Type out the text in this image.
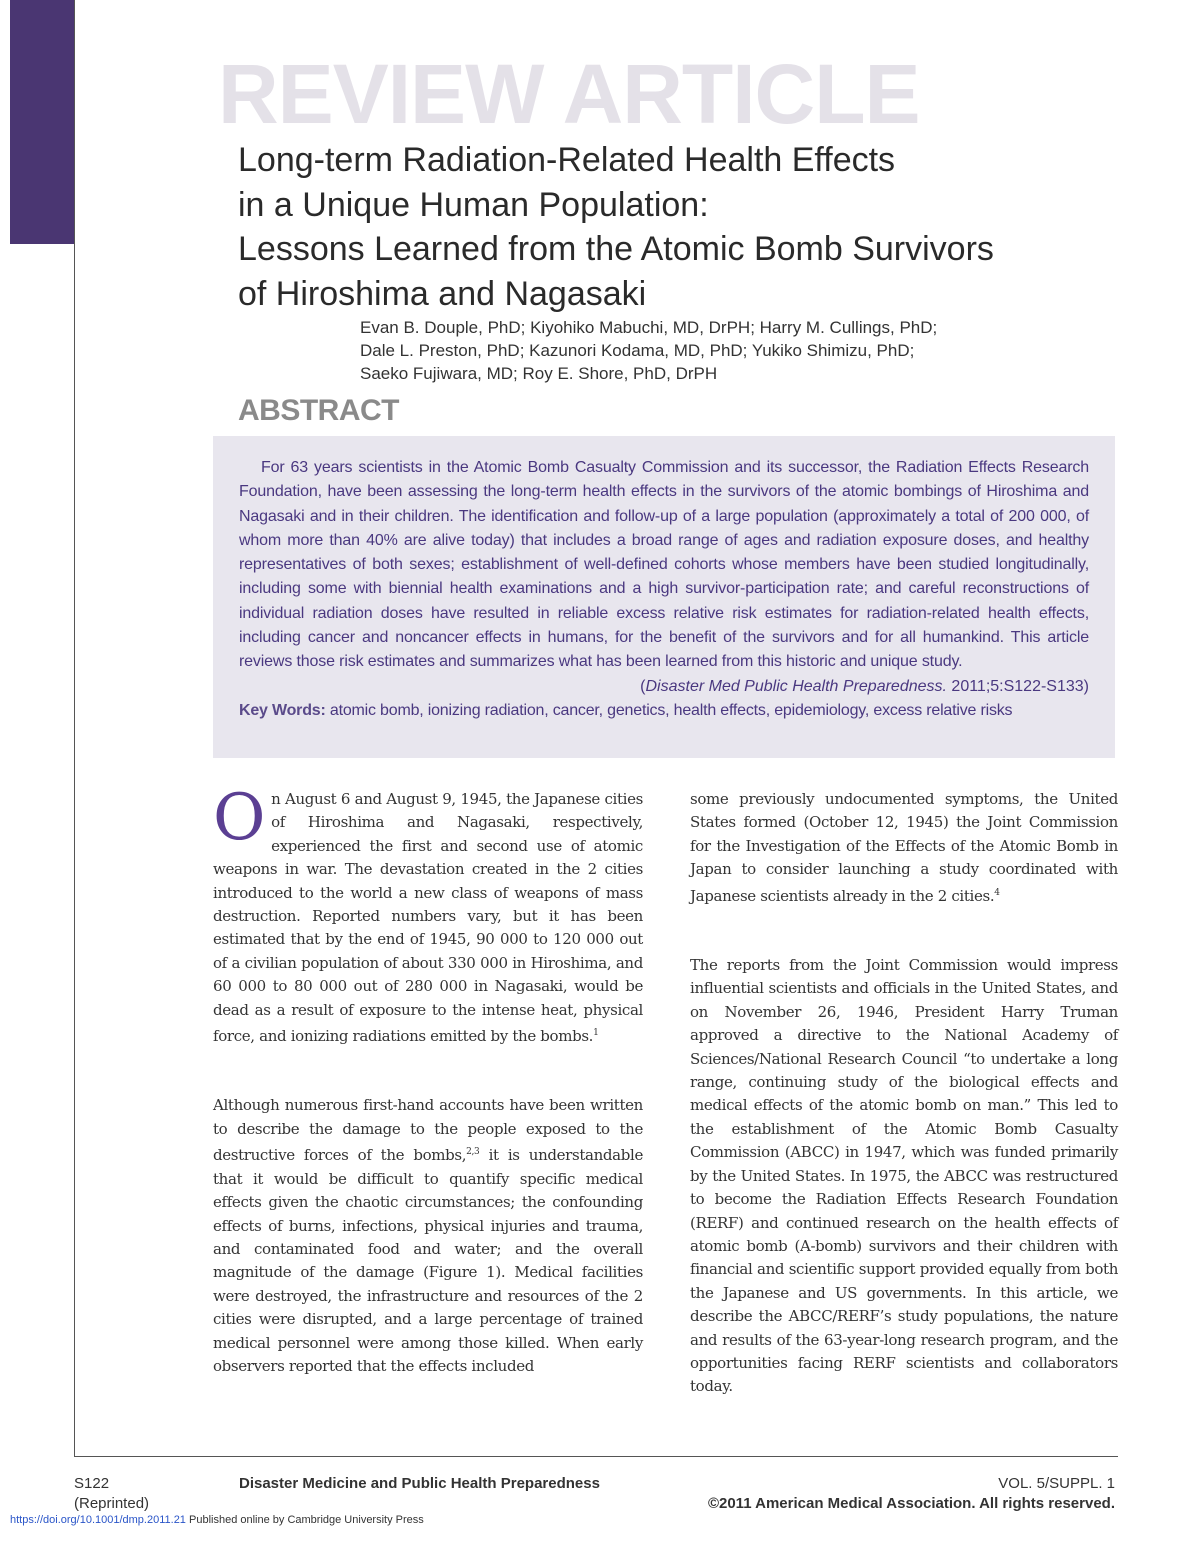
REVIEW ARTICLE
Long-term Radiation-Related Health Effects
in a Unique Human Population:
Lessons Learned from the Atomic Bomb Survivors
of Hiroshima and Nagasaki
Evan B. Douple, PhD; Kiyohiko Mabuchi, MD, DrPH; Harry M. Cullings, PhD;
Dale L. Preston, PhD; Kazunori Kodama, MD, PhD; Yukiko Shimizu, PhD;
Saeko Fujiwara, MD; Roy E. Shore, PhD, DrPH
ABSTRACT

For 63 years scientists in the Atomic Bomb Casualty Commission and its successor, the Radiation Effects Research Foundation, have been assessing the long-term health effects in the survivors of the atomic bombings of Hiroshima and Nagasaki and in their children. The identification and follow-up of a large population (approximately a total of 200 000, of whom more than 40% are alive today) that includes a broad range of ages and radiation exposure doses, and healthy representatives of both sexes; establishment of well-defined cohorts whose members have been studied longitudinally, including some with biennial health examinations and a high survivor-participation rate; and careful reconstructions of individual radiation doses have resulted in reliable excess relative risk estimates for radiation-related health effects, including cancer and noncancer effects in humans, for the benefit of the survivors and for all humankind. This article reviews those risk estimates and summarizes what has been learned from this historic and unique study.

(Disaster Med Public Health Preparedness. 2011;5:S122-S133)

Key Words: atomic bomb, ionizing radiation, cancer, genetics, health effects, epidemiology, excess relative risks

On August 6 and August 9, 1945, the Japanese cities of Hiroshima and Nagasaki, respectively, experienced the first and second use of atomic weapons in war. The devastation created in the 2 cities introduced to the world a new class of weapons of mass destruction. Reported numbers vary, but it has been estimated that by the end of 1945, 90 000 to 120 000 out of a civilian population of about 330 000 in Hiroshima, and 60 000 to 80 000 out of 280 000 in Nagasaki, would be dead as a result of exposure to the intense heat, physical force, and ionizing radiations emitted by the bombs.$^1$

Although numerous first-hand accounts have been written to describe the damage to the people exposed to the destructive forces of the bombs,$^{2,3}$ it is understandable that it would be difficult to quantify specific medical effects given the chaotic circumstances; the confounding effects of burns, infections, physical injuries and trauma, and contaminated food and water; and the overall magnitude of the damage (Figure 1). Medical facilities were destroyed, the infrastructure and resources of the 2 cities were disrupted, and a large percentage of trained medical personnel were among those killed. When early observers reported that the effects included

some previously undocumented symptoms, the United States formed (October 12, 1945) the Joint Commission for the Investigation of the Effects of the Atomic Bomb in Japan to consider launching a study coordinated with Japanese scientists already in the 2 cities.$^4$

The reports from the Joint Commission would impress influential scientists and officials in the United States, and on November 26, 1946, President Harry Truman approved a directive to the National Academy of Sciences/National Research Council “to undertake a long range, continuing study of the biological effects and medical effects of the atomic bomb on man.” This led to the establishment of the Atomic Bomb Casualty Commission (ABCC) in 1947, which was funded primarily by the United States. In 1975, the ABCC was restructured to become the Radiation Effects Research Foundation (RERF) and continued research on the health effects of atomic bomb (A-bomb) survivors and their children with financial and scientific support provided equally from both the Japanese and US governments. In this article, we describe the ABCC/RERF’s study populations, the nature and results of the 63-year-long research program, and the opportunities facing RERF scientists and collaborators today.

S122
(Reprinted)
Disaster Medicine and Public Health Preparedness	VOL. 5/SUPPL. 1
©2011 American Medical Association. All rights reserved.
https://doi.org/10.1001/dmp.2011.21 Published online by Cambridge University Press
